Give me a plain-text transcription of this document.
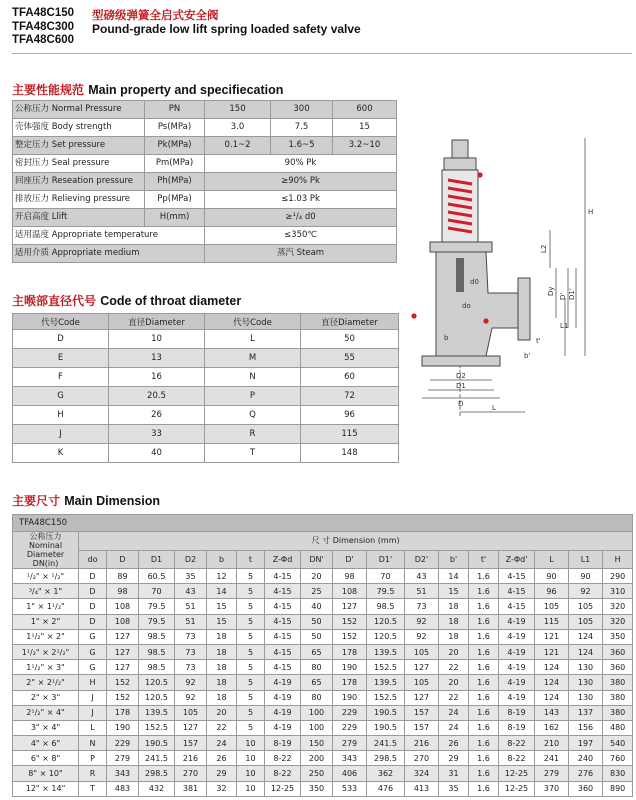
TFA48C150
TFA48C300
TFA48C600
型磅级弹簧全启式安全阀
Pound-grade low lift spring loaded safety valve
主要性能规范 Main property and specifiecation
公称压力 Normal Pressure	PN	150	300	600
壳体强度 Body strength	Ps(MPa)	3.0	7.5	15
整定压力 Set pressure	Pk(MPa)	0.1~2	1.6~5	3.2~10
密封压力 Seal pressure	Pm(MPa)	90% Pk		
回座压力 Reseation pressure	Ph(MPa)	≥90% Pk		
排放压力 Relieving pressure	Pp(MPa)	≤1.03 Pk		
开启高度 Llift	H(mm)	≥¹/₄ d0		
适用温度 Appropriate temperature		≤350℃		
适用介质 Appropriate medium		蒸汽 Steam		
H
L2
Dy
D' D1'
L1
t'
b'
b
D2
D1
D	L
do
d0
主喉部直径代号 Code of throat diameter
代号Code	直径Diameter	代号Code	直径Diameter
D	10	L	50
E	13	M	55
F	16	N	60
G	20.5	P	72
H	26	Q	96
J	33	R	115
K	40	T	148
主要尺寸 Main Dimension
TFA48C150																	
公称压力 Nominal Diameter DN(in)	尺 寸 Dimension (mm)																
	do	D	D1	D2	b	t	Z-Φd	DN'	D'	D1'	D2'	b'	t'	Z-Φd'	L	L1	H
¹/₂" × ¹/₂"	D	89	60.5	35	12	5	4-15	20	98	70	43	14	1.6	4-15	90	90	290
³/₄" × 1"	D	98	70	43	14	5	4-15	25	108	79.5	51	15	1.6	4-15	96	92	310
1" × 1¹/₂"	D	108	79.5	51	15	5	4-15	40	127	98.5	73	18	1.6	4-15	105	105	320
1" × 2"	D	108	79.5	51	15	5	4-15	50	152	120.5	92	18	1.6	4-19	115	105	320
1¹/₂" × 2"	G	127	98.5	73	18	5	4-15	50	152	120.5	92	18	1.6	4-19	121	124	350
1¹/₂" × 2¹/₂"	G	127	98.5	73	18	5	4-15	65	178	139.5	105	20	1.6	4-19	121	124	360
1¹/₂" × 3"	G	127	98.5	73	18	5	4-15	80	190	152.5	127	22	1.6	4-19	124	130	360
2" × 2¹/₂"	H	152	120.5	92	18	5	4-19	65	178	139.5	105	20	1.6	4-19	124	130	380
2" × 3"	J	152	120.5	92	18	5	4-19	80	190	152.5	127	22	1.6	4-19	124	130	380
2¹/₂" × 4"	J	178	139.5	105	20	5	4-19	100	229	190.5	157	24	1.6	8-19	143	137	380
3" × 4"	L	190	152.5	127	22	5	4-19	100	229	190.5	157	24	1.6	8-19	162	156	480
4" × 6"	N	229	190.5	157	24	10	8-19	150	279	241.5	216	26	1.6	8-22	210	197	540
6" × 8"	P	279	241.5	216	26	10	8-22	200	343	298.5	270	29	1.6	8-22	241	240	760
8" × 10"	R	343	298.5	270	29	10	8-22	250	406	362	324	31	1.6	12-25	279	276	830
12" × 14"	T	483	432	381	32	10	12-25	350	533	476	413	35	1.6	12-25	370	360	890
